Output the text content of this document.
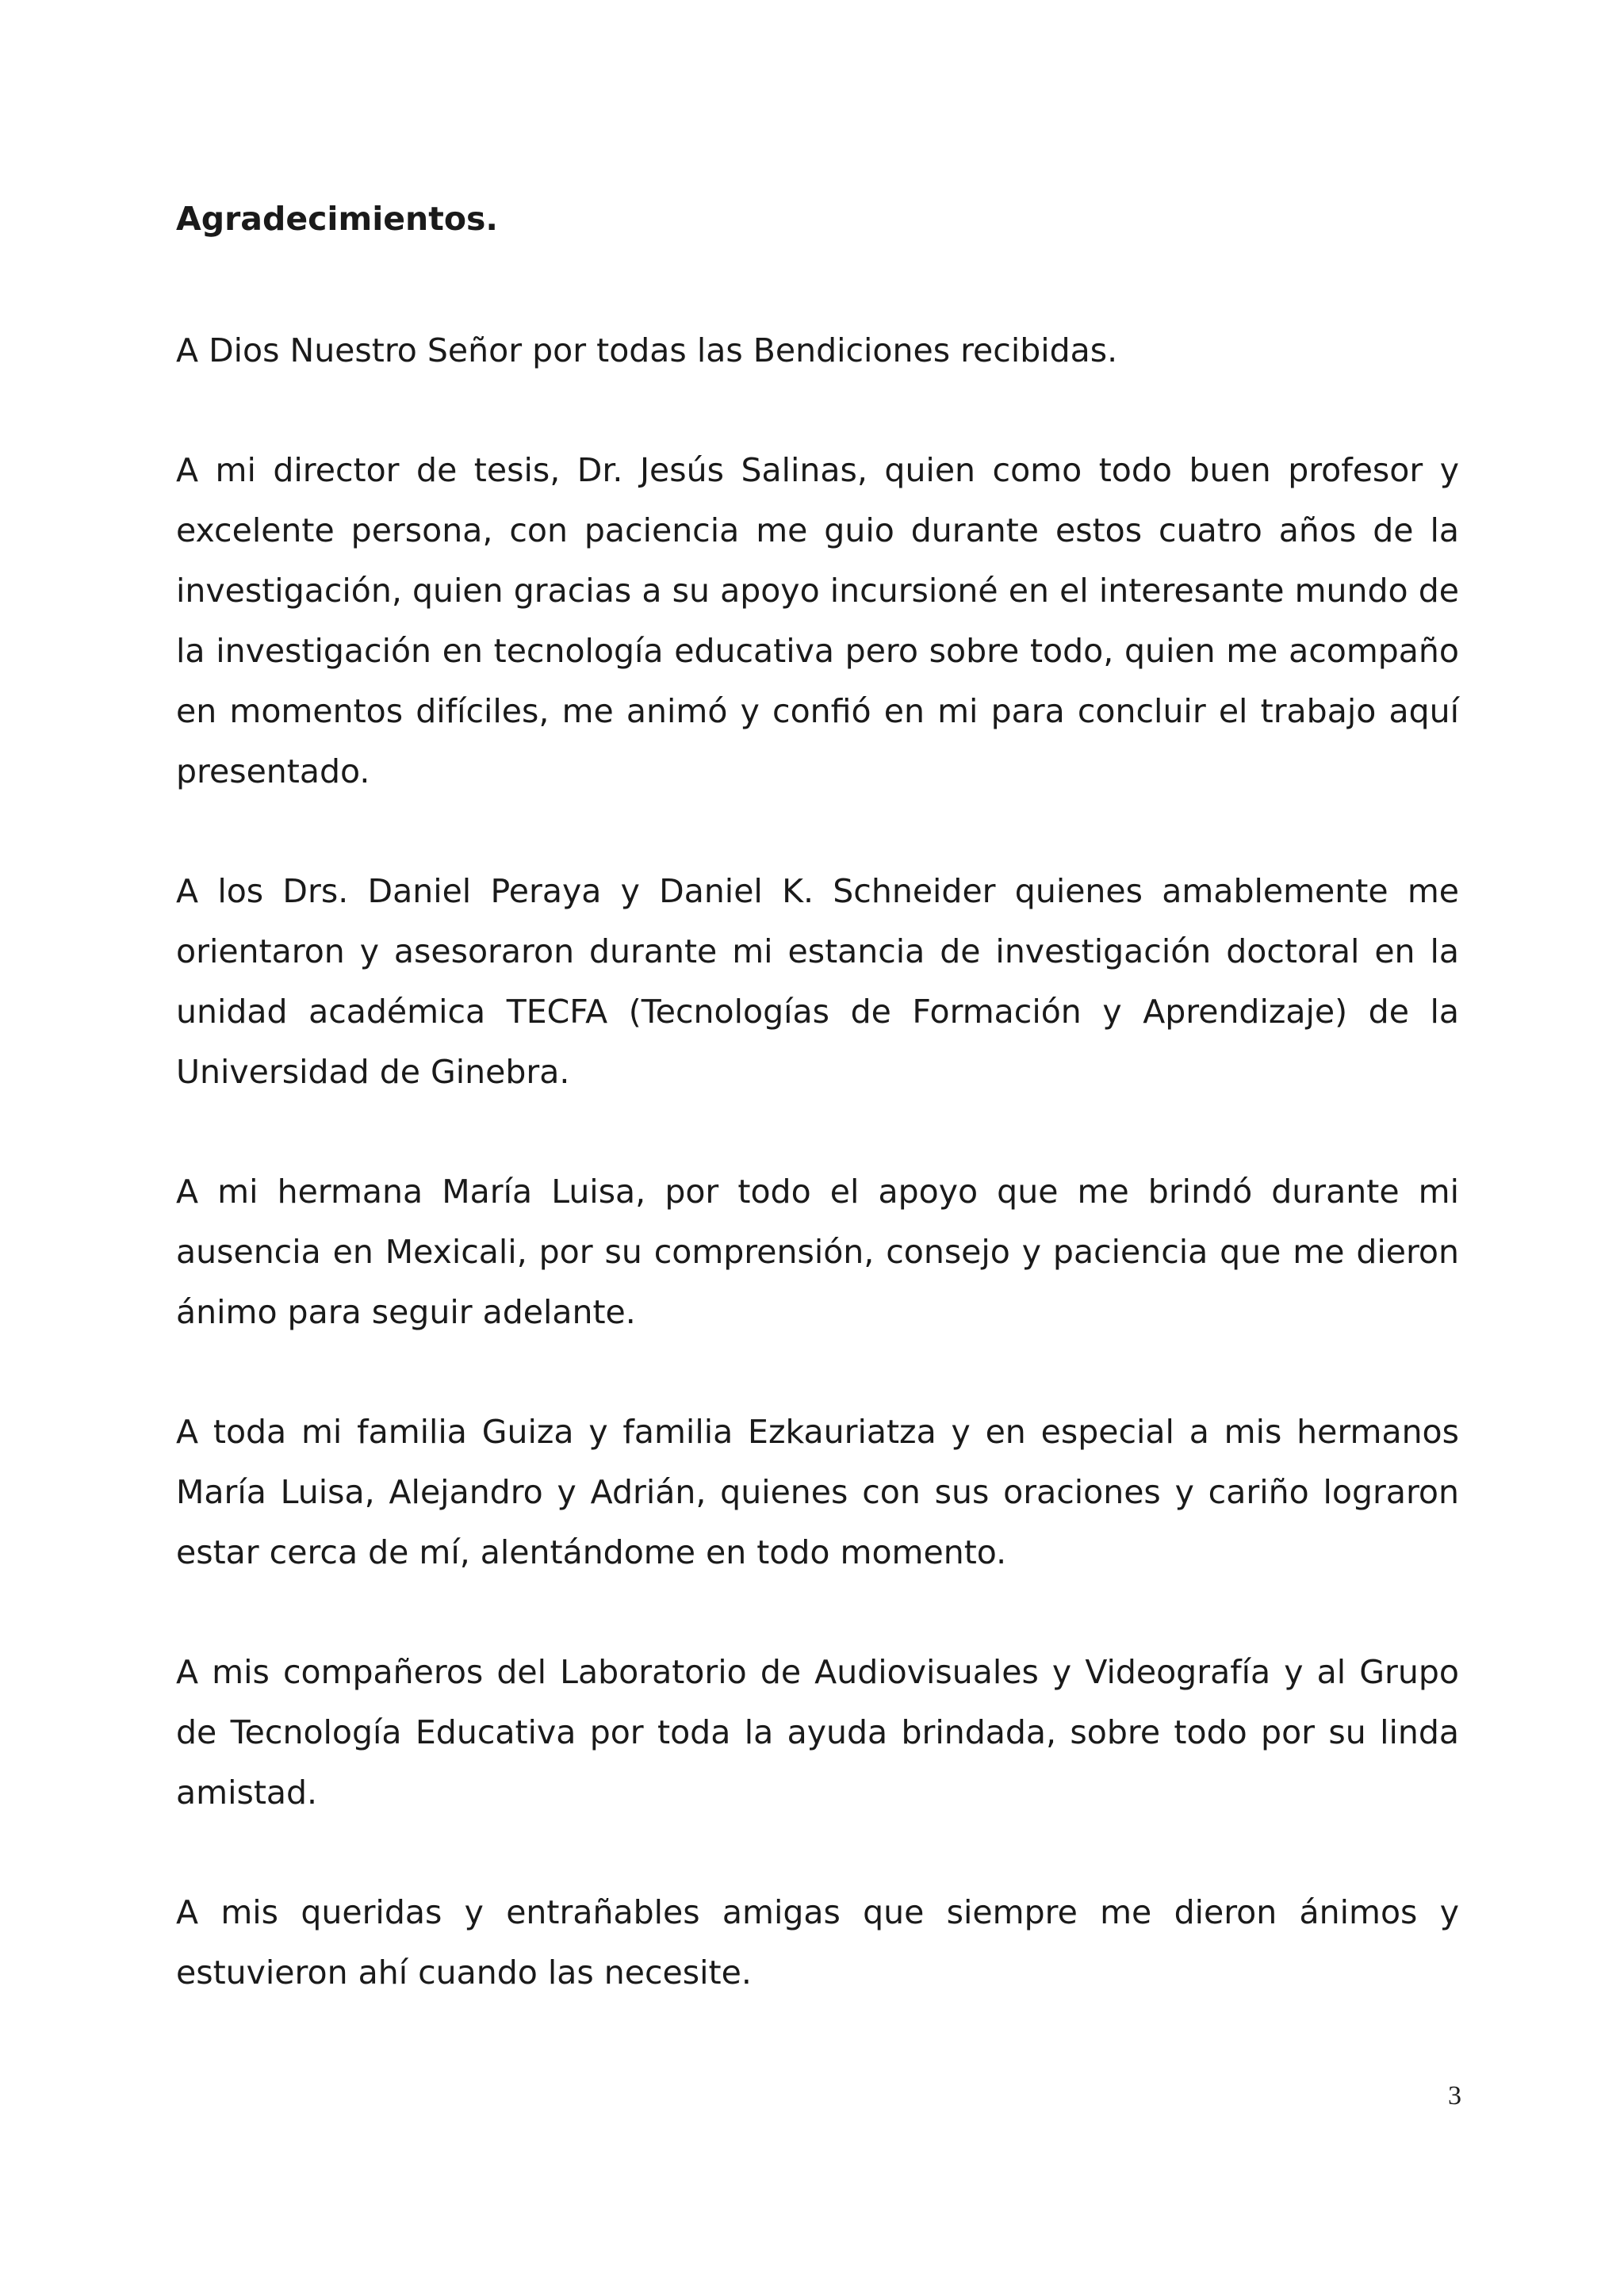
Agradecimientos.

A Dios Nuestro Señor por todas las Bendiciones recibidas.

A mi director de tesis, Dr. Jesús Salinas, quien como todo buen profesor y excelente persona, con paciencia me guio durante estos cuatro años de la investigación, quien gracias a su apoyo incursioné en el interesante mundo de la investigación en tecnología educativa pero sobre todo, quien me acompaño en momentos difíciles, me animó y confió en mi para concluir el trabajo aquí presentado.

A los Drs. Daniel Peraya y Daniel K. Schneider quienes amablemente me orientaron y asesoraron durante mi estancia de investigación doctoral en la unidad académica TECFA (Tecnologías de Formación y Aprendizaje) de la Universidad de Ginebra.

A mi hermana María Luisa, por todo el apoyo que me brindó durante mi ausencia en Mexicali, por su comprensión, consejo y paciencia que me dieron ánimo para seguir adelante.

A toda mi familia Guiza y familia Ezkauriatza y en especial a mis hermanos María Luisa, Alejandro y Adrián, quienes con sus oraciones y cariño lograron estar cerca de mí, alentándome en todo momento.

A mis compañeros del Laboratorio de Audiovisuales y Videografía y al Grupo de Tecnología Educativa por toda la ayuda brindada, sobre todo por su linda amistad.

A mis queridas y entrañables amigas que siempre me dieron ánimos y estuvieron ahí cuando las necesite.

3
